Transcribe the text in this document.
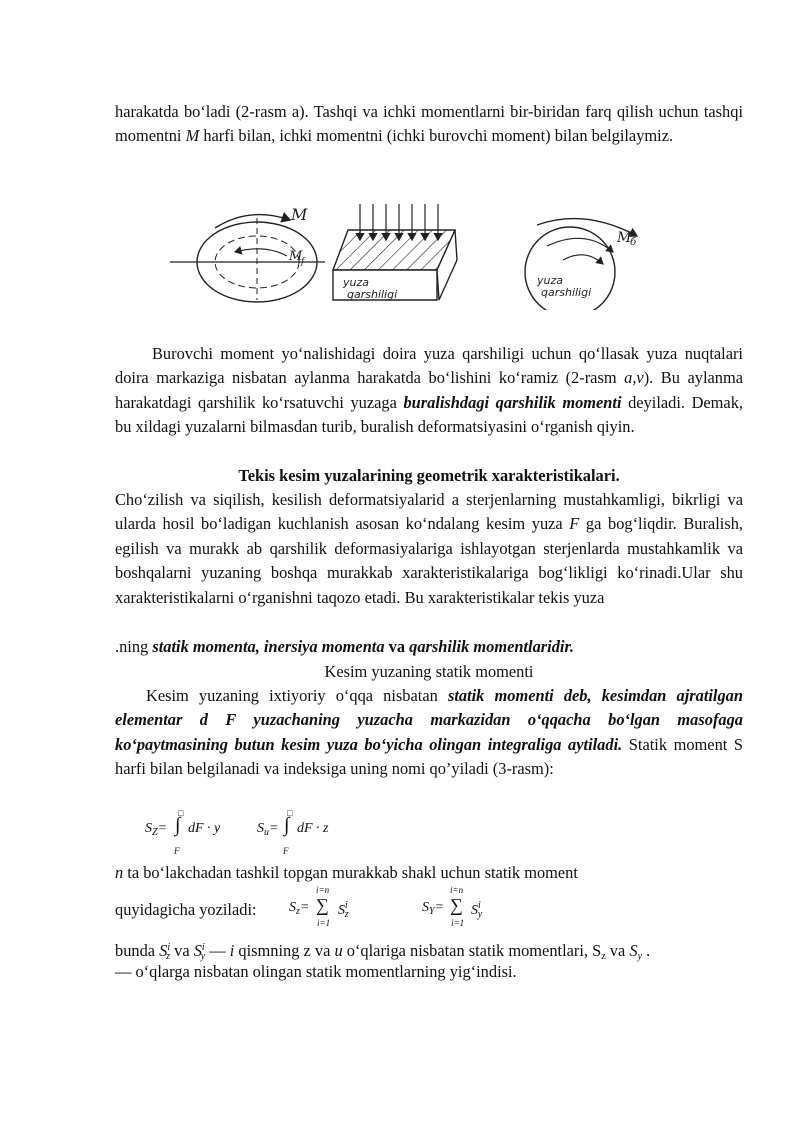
harakatda bo‘ladi (2-rasm a). Tashqi va ichki momentlarni bir-biridan farq qilish uchun tashqi momentni M harfi bilan, ichki momentni (ichki burovchi moment) bilan belgilaymiz.
M
M
f
yuza
qarshiligi
M
б
yuza
qarshiligi
Burovchi moment yo‘nalishidagi doira yuza qarshiligi uchun qo‘llasak yuza nuqtalari doira markaziga nisbatan aylanma harakatda bo‘lishini ko‘ramiz (2-rasm a,v). Bu aylanma harakatdagi qarshilik ko‘rsatuvchi yuzaga buralishdagi qarshilik momenti deyiladi. Demak, bu xildagi yuzalarni bilmasdan turib, buralish deformatsiyasini o‘rganish qiyin.
Tekis kesim yuzalarining geometrik xarakteristikalari.
Cho‘zilish va siqilish, kesilish deformatsiyalarid a sterjenlarning mustahkamligi, bikrligi va ularda hosil bo‘ladigan kuchlanish asosan ko‘ndalang kesim yuza F ga bog‘liqdir. Buralish, egilish va murakk ab qarshilik deformasiyalariga ishlayotgan sterjenlarda mustahkamlik va boshqalarni yuzaning boshqa murakkab xarakteristikalariga bog‘likligi ko‘rinadi.Ular shu xarakteristikalarni o‘rganishni taqozo etadi. Bu xarakteristikalar tekis yuza
.ning statik momenta, inersiya momenta va qarshilik momentlaridir.
Kesim yuzaning statik momenti
Kesim yuzaning ixtiyoriy o‘qqa nisbatan statik momenti deb, kesimdan ajratilgan elementar d F yuzachaning yuzacha markazidan o‘qqacha bo‘lgan masofaga ko‘paytmasining butun kesim yuza bo‘yicha olingan integraliga aytiladi. Statik moment S harfi bilan belgilanadi va indeksiga uning nomi qo’yiladi (3-rasm):
$S_Z=$ ∫
□
F
dF · y	$S_u=$ ∫
□
F
dF · z
n ta bo‘lakchadan tashkil topgan murakkab shakl uchun statik moment
quyidagicha yoziladi:	$S_z=$
i=n
∑
i=1
$S^i_z$	$S_Y=$
i=n
∑
i=1
$S^i_y$
bunda $S^i_z$ va $S^i_y$ — i qismning z va u o‘qlariga nisbatan statik momentlari, $S_z$ va $S_y$ .
— o‘qlarga nisbatan olingan statik momentlarning yig‘indisi.
